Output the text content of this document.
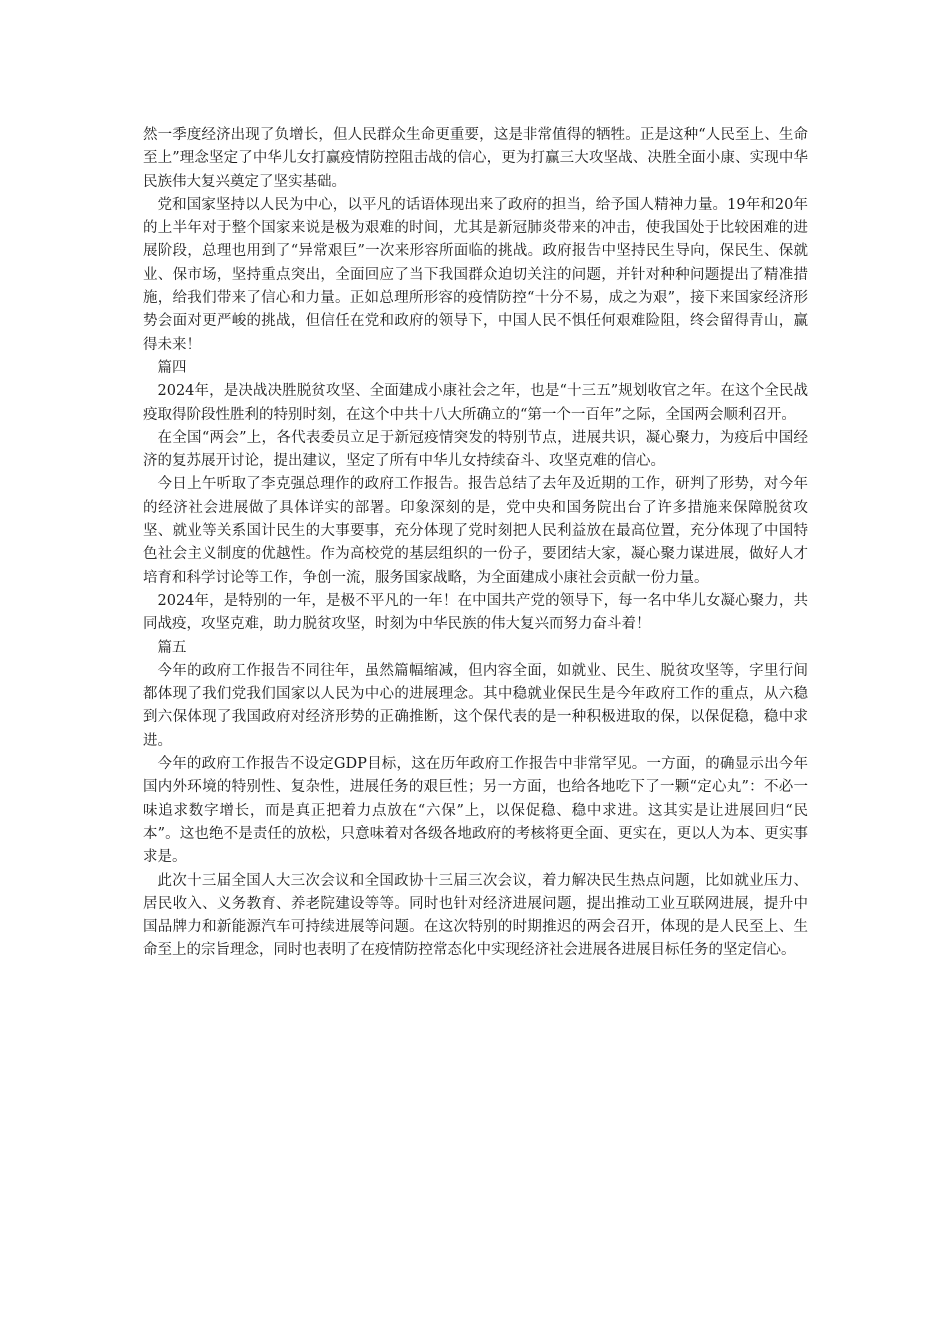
然一季度经济出现了负增长，但人民群众生命更重要，这是非常值得的牺牲。正是这种“人民至上、生命至上”理念坚定了中华儿女打赢疫情防控阻击战的信心，更为打赢三大攻坚战、决胜全面小康、实现中华民族伟大复兴奠定了坚实基础。

党和国家坚持以人民为中心，以平凡的话语体现出来了政府的担当，给予国人精神力量。19年和20年的上半年对于整个国家来说是极为艰难的时间，尤其是新冠肺炎带来的冲击，使我国处于比较困难的进展阶段，总理也用到了“异常艰巨”一次来形容所面临的挑战。政府报告中坚持民生导向，保民生、保就业、保市场，坚持重点突出，全面回应了当下我国群众迫切关注的问题，并针对种种问题提出了精准措施，给我们带来了信心和力量。正如总理所形容的疫情防控“十分不易，成之为艰”，接下来国家经济形势会面对更严峻的挑战，但信任在党和政府的领导下，中国人民不惧任何艰难险阻，终会留得青山，赢得未来！

篇四

2024年，是决战决胜脱贫攻坚、全面建成小康社会之年，也是“十三五”规划收官之年。在这个全民战疫取得阶段性胜利的特别时刻，在这个中共十八大所确立的“第一个一百年”之际，全国两会顺利召开。

在全国“两会”上，各代表委员立足于新冠疫情突发的特别节点，进展共识，凝心聚力，为疫后中国经济的复苏展开讨论，提出建议，坚定了所有中华儿女持续奋斗、攻坚克难的信心。

今日上午听取了李克强总理作的政府工作报告。报告总结了去年及近期的工作，研判了形势，对今年的经济社会进展做了具体详实的部署。印象深刻的是，党中央和国务院出台了许多措施来保障脱贫攻坚、就业等关系国计民生的大事要事，充分体现了党时刻把人民利益放在最高位置，充分体现了中国特色社会主义制度的优越性。作为高校党的基层组织的一份子，要团结大家，凝心聚力谋进展，做好人才培育和科学讨论等工作，争创一流，服务国家战略，为全面建成小康社会贡献一份力量。

2024年，是特别的一年，是极不平凡的一年！在中国共产党的领导下，每一名中华儿女凝心聚力，共同战疫，攻坚克难，助力脱贫攻坚，时刻为中华民族的伟大复兴而努力奋斗着！

篇五

今年的政府工作报告不同往年，虽然篇幅缩减，但内容全面，如就业、民生、脱贫攻坚等，字里行间都体现了我们党我们国家以人民为中心的进展理念。其中稳就业保民生是今年政府工作的重点，从六稳到六保体现了我国政府对经济形势的正确推断，这个保代表的是一种积极进取的保，以保促稳，稳中求进。

今年的政府工作报告不设定GDP目标，这在历年政府工作报告中非常罕见。一方面，的确显示出今年国内外环境的特别性、复杂性，进展任务的艰巨性；另一方面，也给各地吃下了一颗“定心丸”：不必一味追求数字增长，而是真正把着力点放在“六保”上，以保促稳、稳中求进。这其实是让进展回归“民本”。这也绝不是责任的放松，只意味着对各级各地政府的考核将更全面、更实在，更以人为本、更实事求是。

此次十三届全国人大三次会议和全国政协十三届三次会议，着力解决民生热点问题，比如就业压力、居民收入、义务教育、养老院建设等等。同时也针对经济进展问题，提出推动工业互联网进展，提升中国品牌力和新能源汽车可持续进展等问题。在这次特别的时期推迟的两会召开，体现的是人民至上、生命至上的宗旨理念，同时也表明了在疫情防控常态化中实现经济社会进展各进展目标任务的坚定信心。
